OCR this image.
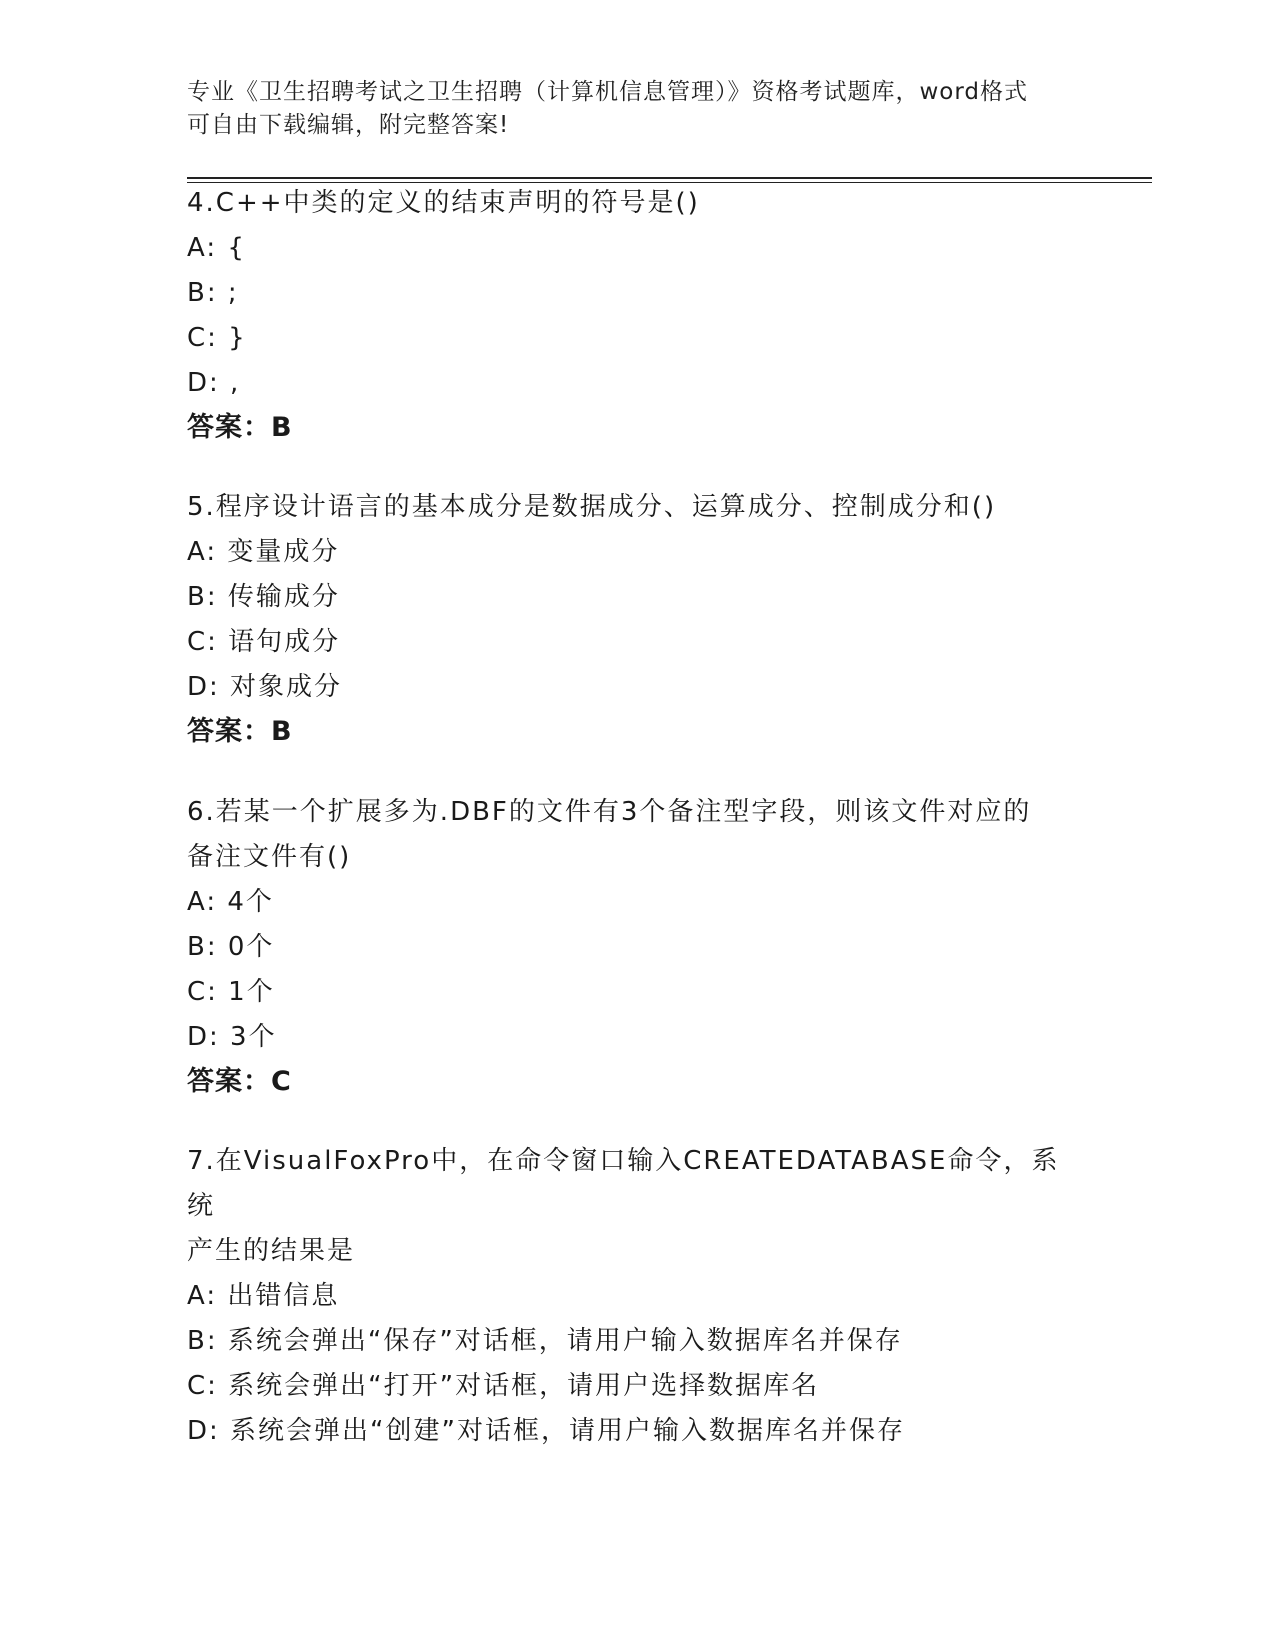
专业《卫生招聘考试之卫生招聘（计算机信息管理）》资格考试题库，word格式
可自由下载编辑，附完整答案!

4.C++中类的定义的结束声明的符号是()

A: {

B: ;

C: }

D: ,

答案：B

5.程序设计语言的基本成分是数据成分、运算成分、控制成分和()

A: 变量成分

B: 传输成分

C: 语句成分

D: 对象成分

答案：B

6.若某一个扩展多为.DBF的文件有3个备注型字段，则该文件对应的

备注文件有()

A: 4个

B: 0个

C: 1个

D: 3个

答案：C

7.在VisualFoxPro中，在命令窗口输入CREATEDATABASE命令，系统

产生的结果是

A: 出错信息

B: 系统会弹出“保存”对话框，请用户输入数据库名并保存

C: 系统会弹出“打开”对话框，请用户选择数据库名

D: 系统会弹出“创建”对话框，请用户输入数据库名并保存
